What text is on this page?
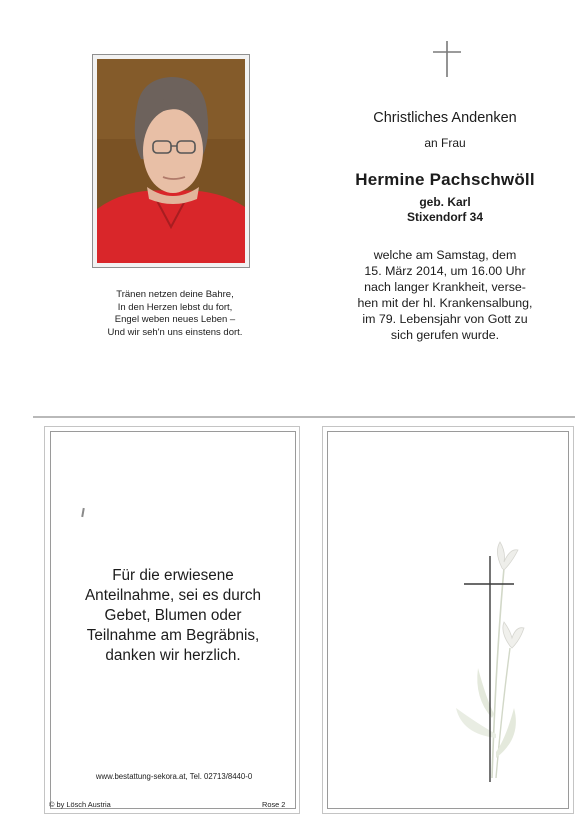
Tränen netzen deine Bahre,
In den Herzen lebst du fort,
Engel weben neues Leben –
Und wir seh'n uns einstens dort.
Christliches Andenken
an Frau
Hermine Pachschwöll
geb. Karl
Stixendorf 34
welche am Samstag, dem
15. März 2014, um 16.00 Uhr
nach langer Krankheit, verse-
hen mit der hl. Krankensalbung,
im 79. Lebensjahr von Gott zu
sich gerufen wurde.
Für die erwiesene
Anteilnahme, sei es durch
Gebet, Blumen oder
Teilnahme am Begräbnis,
danken wir herzlich.
www.bestattung-sekora.at, Tel. 02713/8440-0
© by Lösch Austria	Rose 2
